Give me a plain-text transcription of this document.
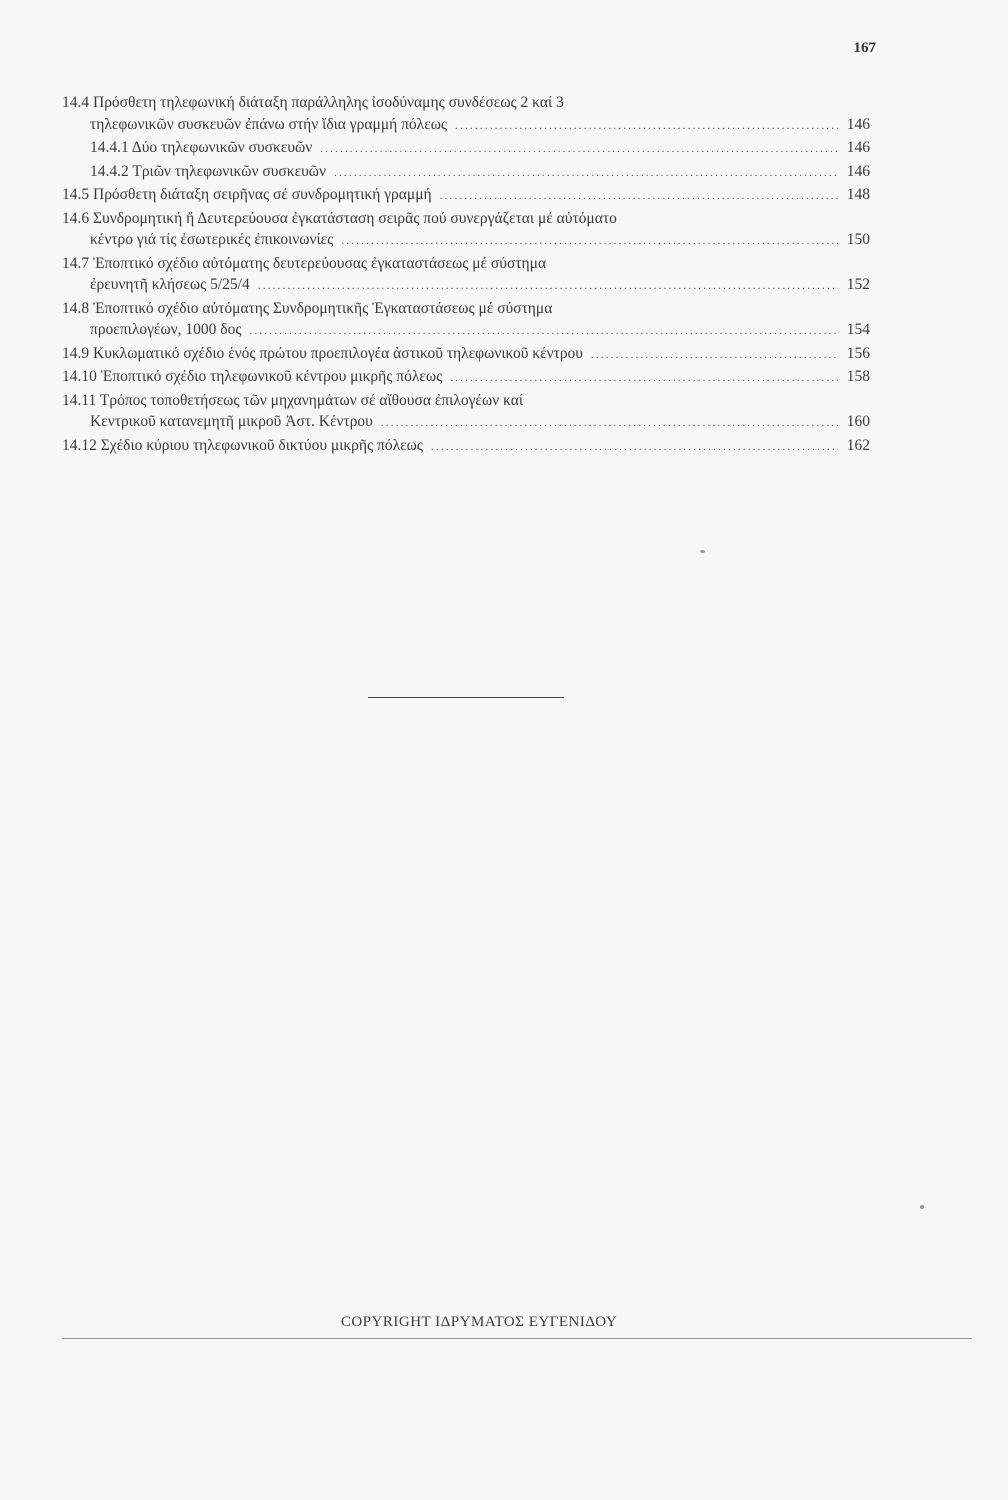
167
14.4 Πρόσθετη τηλεφωνική διάταξη παράλληλης ἰσοδύναμης συνδέσεως 2 καί 3
τηλεφωνικῶν συσκευῶν ἐπάνω στήν ἴδια γραμμή πόλεως .....	146
14.4.1 Δύο τηλεφωνικῶν συσκευῶν .....	146
14.4.2 Τριῶν τηλεφωνικῶν συσκευῶν .....	146
14.5 Πρόσθετη διάταξη σειρῆνας σέ συνδρομητική γραμμή .....	148
14.6 Συνδρομητική ἤ Δευτερεύουσα ἐγκατάσταση σειρᾶς πού συνεργάζεται μέ αὐτόματο
κέντρο γιά τίς ἐσωτερικές ἐπικοινωνίες .....	150
14.7 Ἐποπτικό σχέδιο αὐτόματης δευτερεύουσας ἐγκαταστάσεως μέ σύστημα
ἐρευνητῆ κλήσεως 5/25/4 .....	152
14.8 Ἐποπτικό σχέδιο αὐτόματης Συνδρομητικῆς Ἐγκαταστάσεως μέ σύστημα
προεπιλογέων, 1000 δος .....	154
14.9 Κυκλωματικό σχέδιο ἑνός πρώτου προεπιλογέα ἀστικοῦ τηλεφωνικοῦ κέντρου .....	156
14.10 Ἐποπτικό σχέδιο τηλεφωνικοῦ κέντρου μικρῆς πόλεως .....	158
14.11 Τρόπος τοποθετήσεως τῶν μηχανημάτων σέ αἴθουσα ἐπιλογέων καί
Κεντρικοῦ κατανεμητῆ μικροῦ Ἀστ. Κέντρου .....	160
14.12 Σχέδιο κύριου τηλεφωνικοῦ δικτύου μικρῆς πόλεως .....	162
COPYRIGHT ΙΔΡΥΜΑΤΟΣ ΕΥΓΕΝΙΔΟΥ
